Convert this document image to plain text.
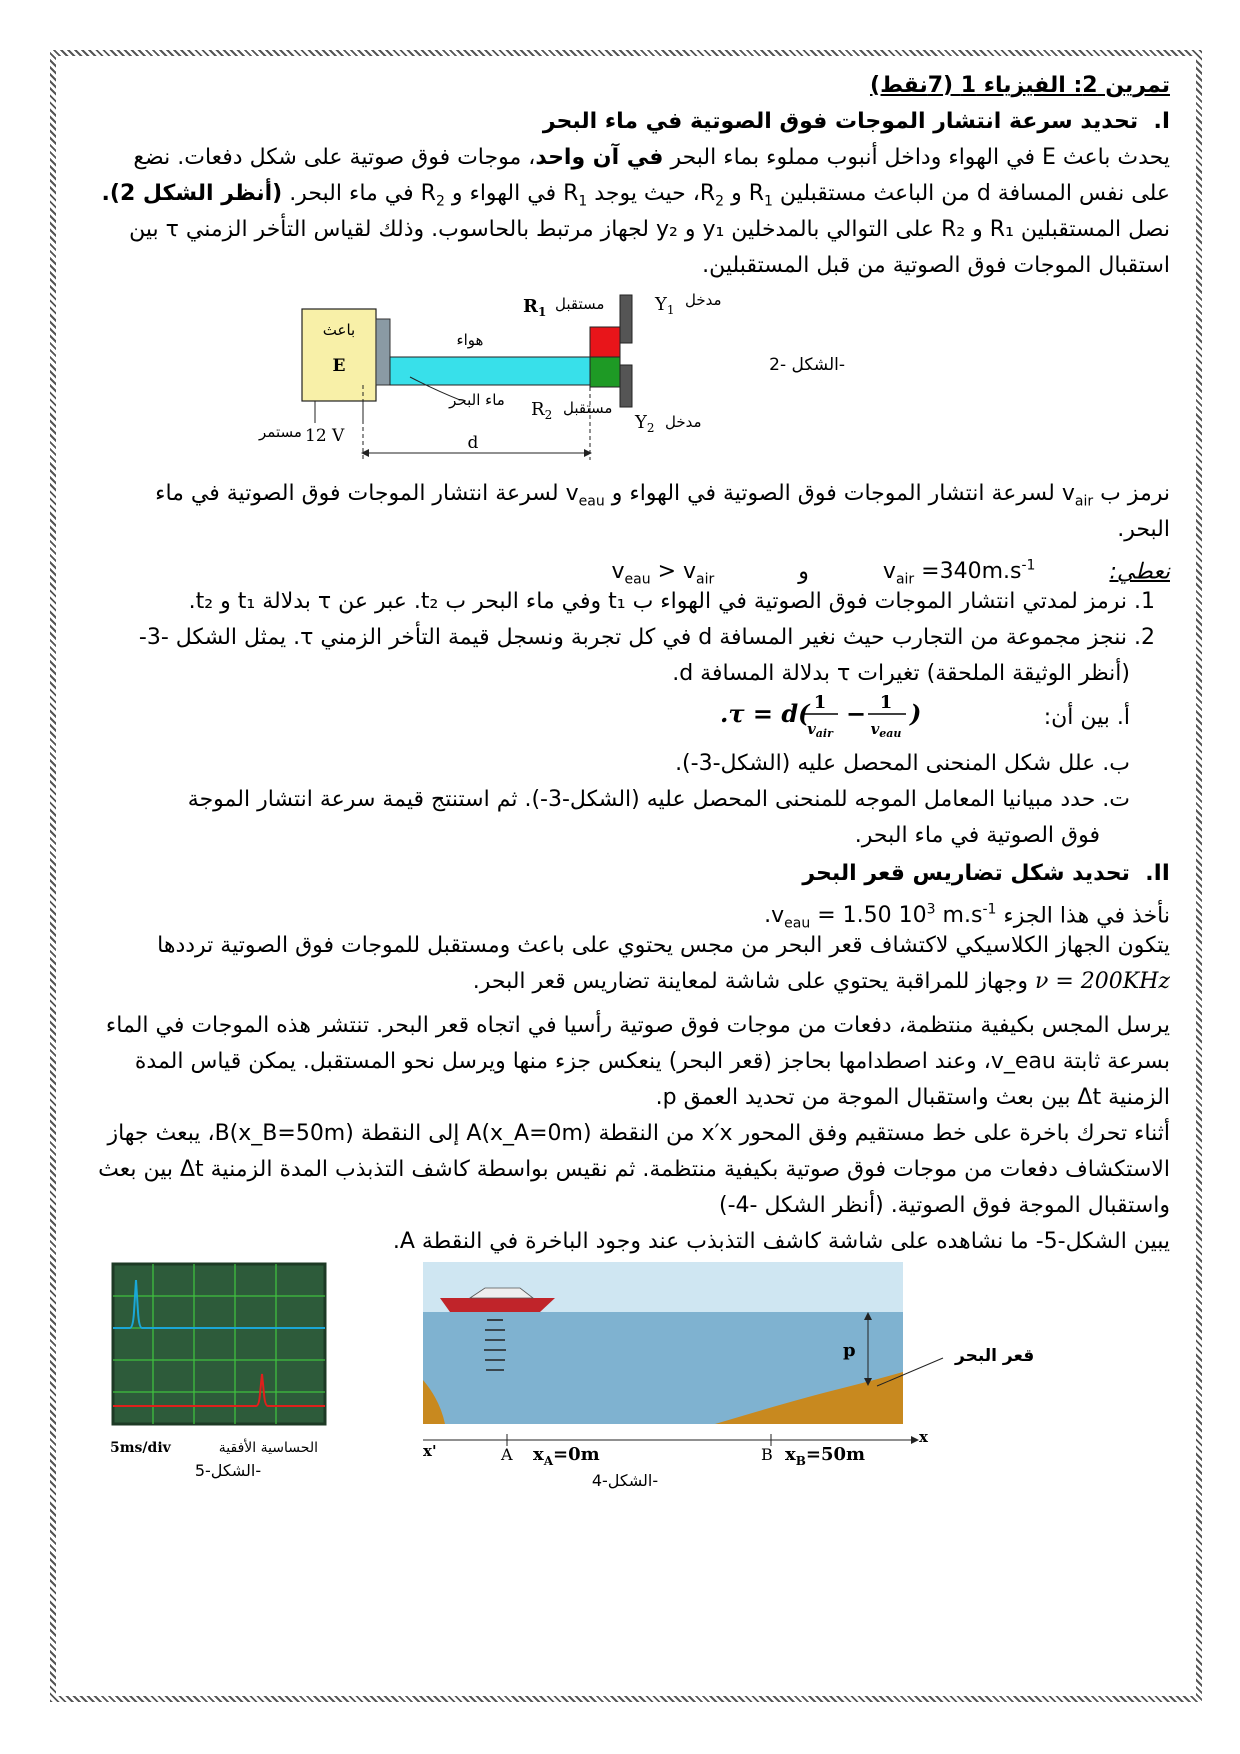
تمرين 2: الفيزياء 1 (7نقط)
I.  تحديد سرعة انتشار الموجات فوق الصوتية في ماء البحر
يحدث باعث E في الهواء وداخل أنبوب مملوء بماء البحر في آن واحد، موجات فوق صوتية على شكل دفعات. نضع
على نفس المسافة d من الباعث مستقبلين $R_1$ و $R_2،$ حيث يوجد $R_1$ في الهواء و $R_2$ في ماء البحر. (أنظر الشكل 2).
نصل المستقبلين R₁ و R₂ على التوالي بالمدخلين y₁ و y₂ لجهاز مرتبط بالحاسوب. وذلك لقياس التأخر الزمني τ بين
استقبال الموجات فوق الصوتية من قبل المستقبلين.
باعث
E
هواء
ماء البحر
$R_1$ مستقبل	$Y_1$
مدخل
$R_2$ مستقبل
$Y_2$ مدخل
12 V
مستمر
d
الشكل -2-
نرمز ب $v_{air}$ لسرعة انتشار الموجات فوق الصوتية في الهواء و $v_{eau}$ لسرعة انتشار الموجات فوق الصوتية في ماء
البحر.
نعطي:  $v_{air} =340m.s^{-1}$  و  $v_{eau} > v_{air}$
1. نرمز لمدتي انتشار الموجات فوق الصوتية في الهواء ب t₁ وفي ماء البحر ب t₂. عبر عن τ بدلالة t₁ و t₂.
2. ننجز مجموعة من التجارب حيث نغير المسافة d في كل تجربة ونسجل قيمة التأخر الزمني τ. يمثل الشكل -3-
(أنظر الوثيقة الملحقة) تغيرات τ بدلالة المسافة d.
أ. بين أن:
.τ = d( 1
$v_{air}$
− 1
$v_{eau}$
)
ب. علل شكل المنحنى المحصل عليه (الشكل-3-).
ت. حدد مبيانيا المعامل الموجه للمنحنى المحصل عليه (الشكل-3-). ثم استنتج قيمة سرعة انتشار الموجة
فوق الصوتية في ماء البحر.
II.  تحديد شكل تضاريس قعر البحر
نأخذ في هذا الجزء $.v_{eau} = 1.50$ $10^3$ $m.s^{-1}$
يتكون الجهاز الكلاسيكي لاكتشاف قعر البحر من مجس يحتوي على باعث ومستقبل للموجات فوق الصوتية ترددها
ν = 200KHz وجهاز للمراقبة يحتوي على شاشة لمعاينة تضاريس قعر البحر.
يرسل المجس بكيفية منتظمة، دفعات من موجات فوق صوتية رأسيا في اتجاه قعر البحر. تنتشر هذه الموجات في الماء
بسرعة ثابتة v_eau، وعند اصطدامها بحاجز (قعر البحر) ينعكس جزء منها ويرسل نحو المستقبل. يمكن قياس المدة
الزمنية Δt بين بعث واستقبال الموجة من تحديد العمق p.
أثناء تحرك باخرة على خط مستقيم وفق المحور x′x من النقطة A(x_A=0m) إلى النقطة B(x_B=50m)، يبعث جهاز
الاستكشاف دفعات من موجات فوق صوتية بكيفية منتظمة. ثم نقيس بواسطة كاشف التذبذب المدة الزمنية Δt بين بعث
واستقبال الموجة فوق الصوتية. (أنظر الشكل -4-)
يبين الشكل-5- ما نشاهده على شاشة كاشف التذبذب عند وجود الباخرة في النقطة A.
5ms/div	الحساسية الأفقية
الشكل-5-
p
x'
x
A $x_A=0m$	B $x_B=50m$
الشكل-4-
قعر البحر
